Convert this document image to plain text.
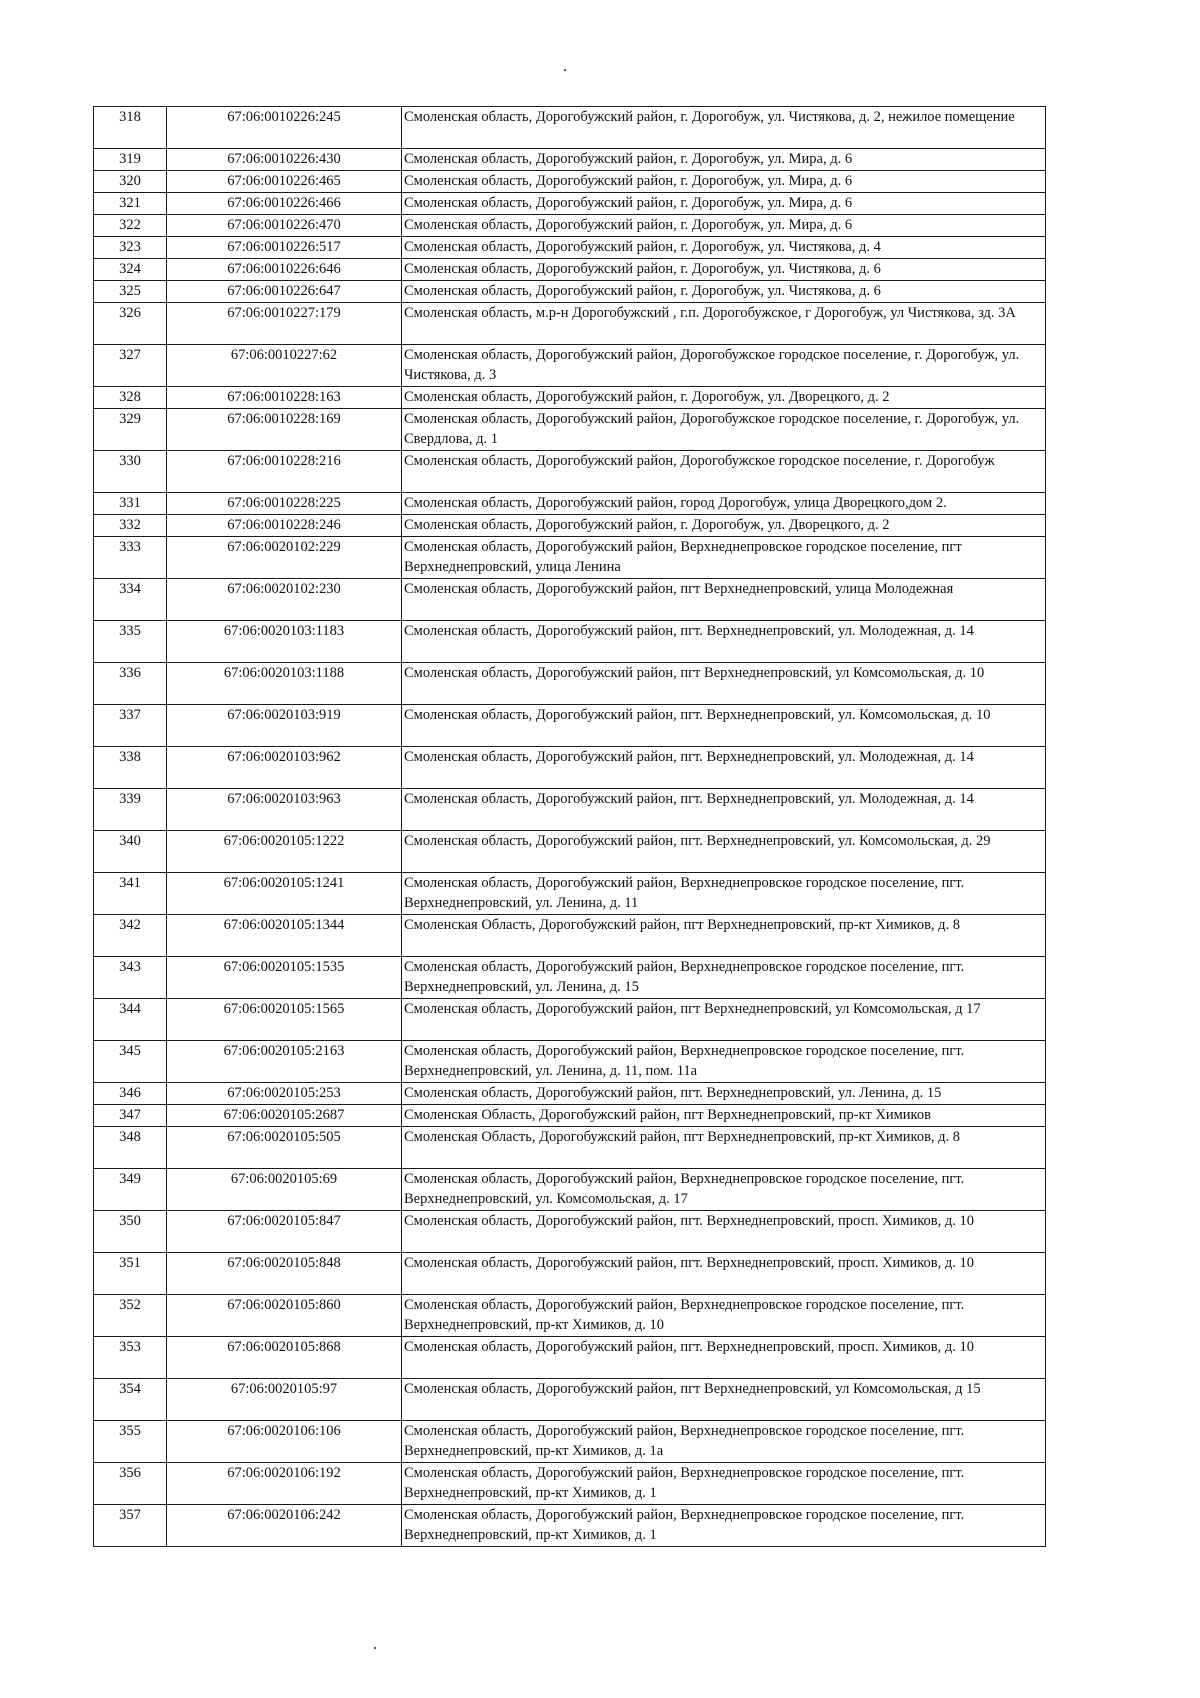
318	67:06:0010226:245	Смоленская область, Дорогобужский район, г. Дорогобуж, ул. Чистякова, д. 2, нежилое помещение
319	67:06:0010226:430	Смоленская область, Дорогобужский район, г. Дорогобуж, ул. Мира, д. 6
320	67:06:0010226:465	Смоленская область, Дорогобужский район, г. Дорогобуж, ул. Мира, д. 6
321	67:06:0010226:466	Смоленская область, Дорогобужский район, г. Дорогобуж, ул. Мира, д. 6
322	67:06:0010226:470	Смоленская область, Дорогобужский район, г. Дорогобуж, ул. Мира, д. 6
323	67:06:0010226:517	Смоленская область, Дорогобужский район, г. Дорогобуж, ул. Чистякова, д. 4
324	67:06:0010226:646	Смоленская область, Дорогобужский район, г. Дорогобуж, ул. Чистякова, д. 6
325	67:06:0010226:647	Смоленская область, Дорогобужский район, г. Дорогобуж, ул. Чистякова, д. 6
326	67:06:0010227:179	Смоленская область, м.р-н Дорогобужский , г.п. Дорогобужское, г Дорогобуж, ул Чистякова, зд. 3А
327	67:06:0010227:62	Смоленская область, Дорогобужский район, Дорогобужское городское поселение, г. Дорогобуж, ул. Чистякова, д. 3
328	67:06:0010228:163	Смоленская область, Дорогобужский район, г. Дорогобуж, ул. Дворецкого, д. 2
329	67:06:0010228:169	Смоленская область, Дорогобужский район, Дорогобужское городское поселение, г. Дорогобуж, ул. Свердлова, д. 1
330	67:06:0010228:216	Смоленская область, Дорогобужский район, Дорогобужское городское поселение, г. Дорогобуж
331	67:06:0010228:225	Смоленская область, Дорогобужский район, город Дорогобуж, улица Дворецкого,дом 2.
332	67:06:0010228:246	Смоленская область, Дорогобужский район, г. Дорогобуж, ул. Дворецкого, д. 2
333	67:06:0020102:229	Смоленская область, Дорогобужский район, Верхнеднепровское городское поселение, пгт Верхнеднепровский, улица Ленина
334	67:06:0020102:230	Смоленская область, Дорогобужский район, пгт Верхнеднепровский, улица Молодежная
335	67:06:0020103:1183	Смоленская область, Дорогобужский район, пгт. Верхнеднепровский, ул. Молодежная, д. 14
336	67:06:0020103:1188	Смоленская область, Дорогобужский район, пгт Верхнеднепровский, ул Комсомольская, д. 10
337	67:06:0020103:919	Смоленская область, Дорогобужский район, пгт. Верхнеднепровский, ул. Комсомольская, д. 10
338	67:06:0020103:962	Смоленская область, Дорогобужский район, пгт. Верхнеднепровский, ул. Молодежная, д. 14
339	67:06:0020103:963	Смоленская область, Дорогобужский район, пгт. Верхнеднепровский, ул. Молодежная, д. 14
340	67:06:0020105:1222	Смоленская область, Дорогобужский район, пгт. Верхнеднепровский, ул. Комсомольская, д. 29
341	67:06:0020105:1241	Смоленская область, Дорогобужский район, Верхнеднепровское городское поселение, пгт. Верхнеднепровский, ул. Ленина, д. 11
342	67:06:0020105:1344	Смоленская Область, Дорогобужский район, пгт Верхнеднепровский, пр-кт Химиков, д. 8
343	67:06:0020105:1535	Смоленская область, Дорогобужский район, Верхнеднепровское городское поселение, пгт. Верхнеднепровский, ул. Ленина, д. 15
344	67:06:0020105:1565	Смоленская область, Дорогобужский район, пгт Верхнеднепровский, ул Комсомольская, д 17
345	67:06:0020105:2163	Смоленская область, Дорогобужский район, Верхнеднепровское городское поселение, пгт. Верхнеднепровский, ул. Ленина, д. 11, пом. 11а
346	67:06:0020105:253	Смоленская область, Дорогобужский район, пгт. Верхнеднепровский, ул. Ленина, д. 15
347	67:06:0020105:2687	Смоленская Область, Дорогобужский район, пгт Верхнеднепровский, пр-кт Химиков
348	67:06:0020105:505	Смоленская Область, Дорогобужский район, пгт Верхнеднепровский, пр-кт Химиков, д. 8
349	67:06:0020105:69	Смоленская область, Дорогобужский район, Верхнеднепровское городское поселение, пгт. Верхнеднепровский, ул. Комсомольская, д. 17
350	67:06:0020105:847	Смоленская область, Дорогобужский район, пгт. Верхнеднепровский, просп. Химиков, д. 10
351	67:06:0020105:848	Смоленская область, Дорогобужский район, пгт. Верхнеднепровский, просп. Химиков, д. 10
352	67:06:0020105:860	Смоленская область, Дорогобужский район, Верхнеднепровское городское поселение, пгт. Верхнеднепровский, пр-кт Химиков, д. 10
353	67:06:0020105:868	Смоленская область, Дорогобужский район, пгт. Верхнеднепровский, просп. Химиков, д. 10
354	67:06:0020105:97	Смоленская область, Дорогобужский район, пгт Верхнеднепровский, ул Комсомольская, д 15
355	67:06:0020106:106	Смоленская область, Дорогобужский район, Верхнеднепровское городское поселение, пгт. Верхнеднепровский, пр-кт Химиков, д. 1а
356	67:06:0020106:192	Смоленская область, Дорогобужский район, Верхнеднепровское городское поселение, пгт. Верхнеднепровский, пр-кт Химиков, д. 1
357	67:06:0020106:242	Смоленская область, Дорогобужский район, Верхнеднепровское городское поселение, пгт. Верхнеднепровский, пр-кт Химиков, д. 1
